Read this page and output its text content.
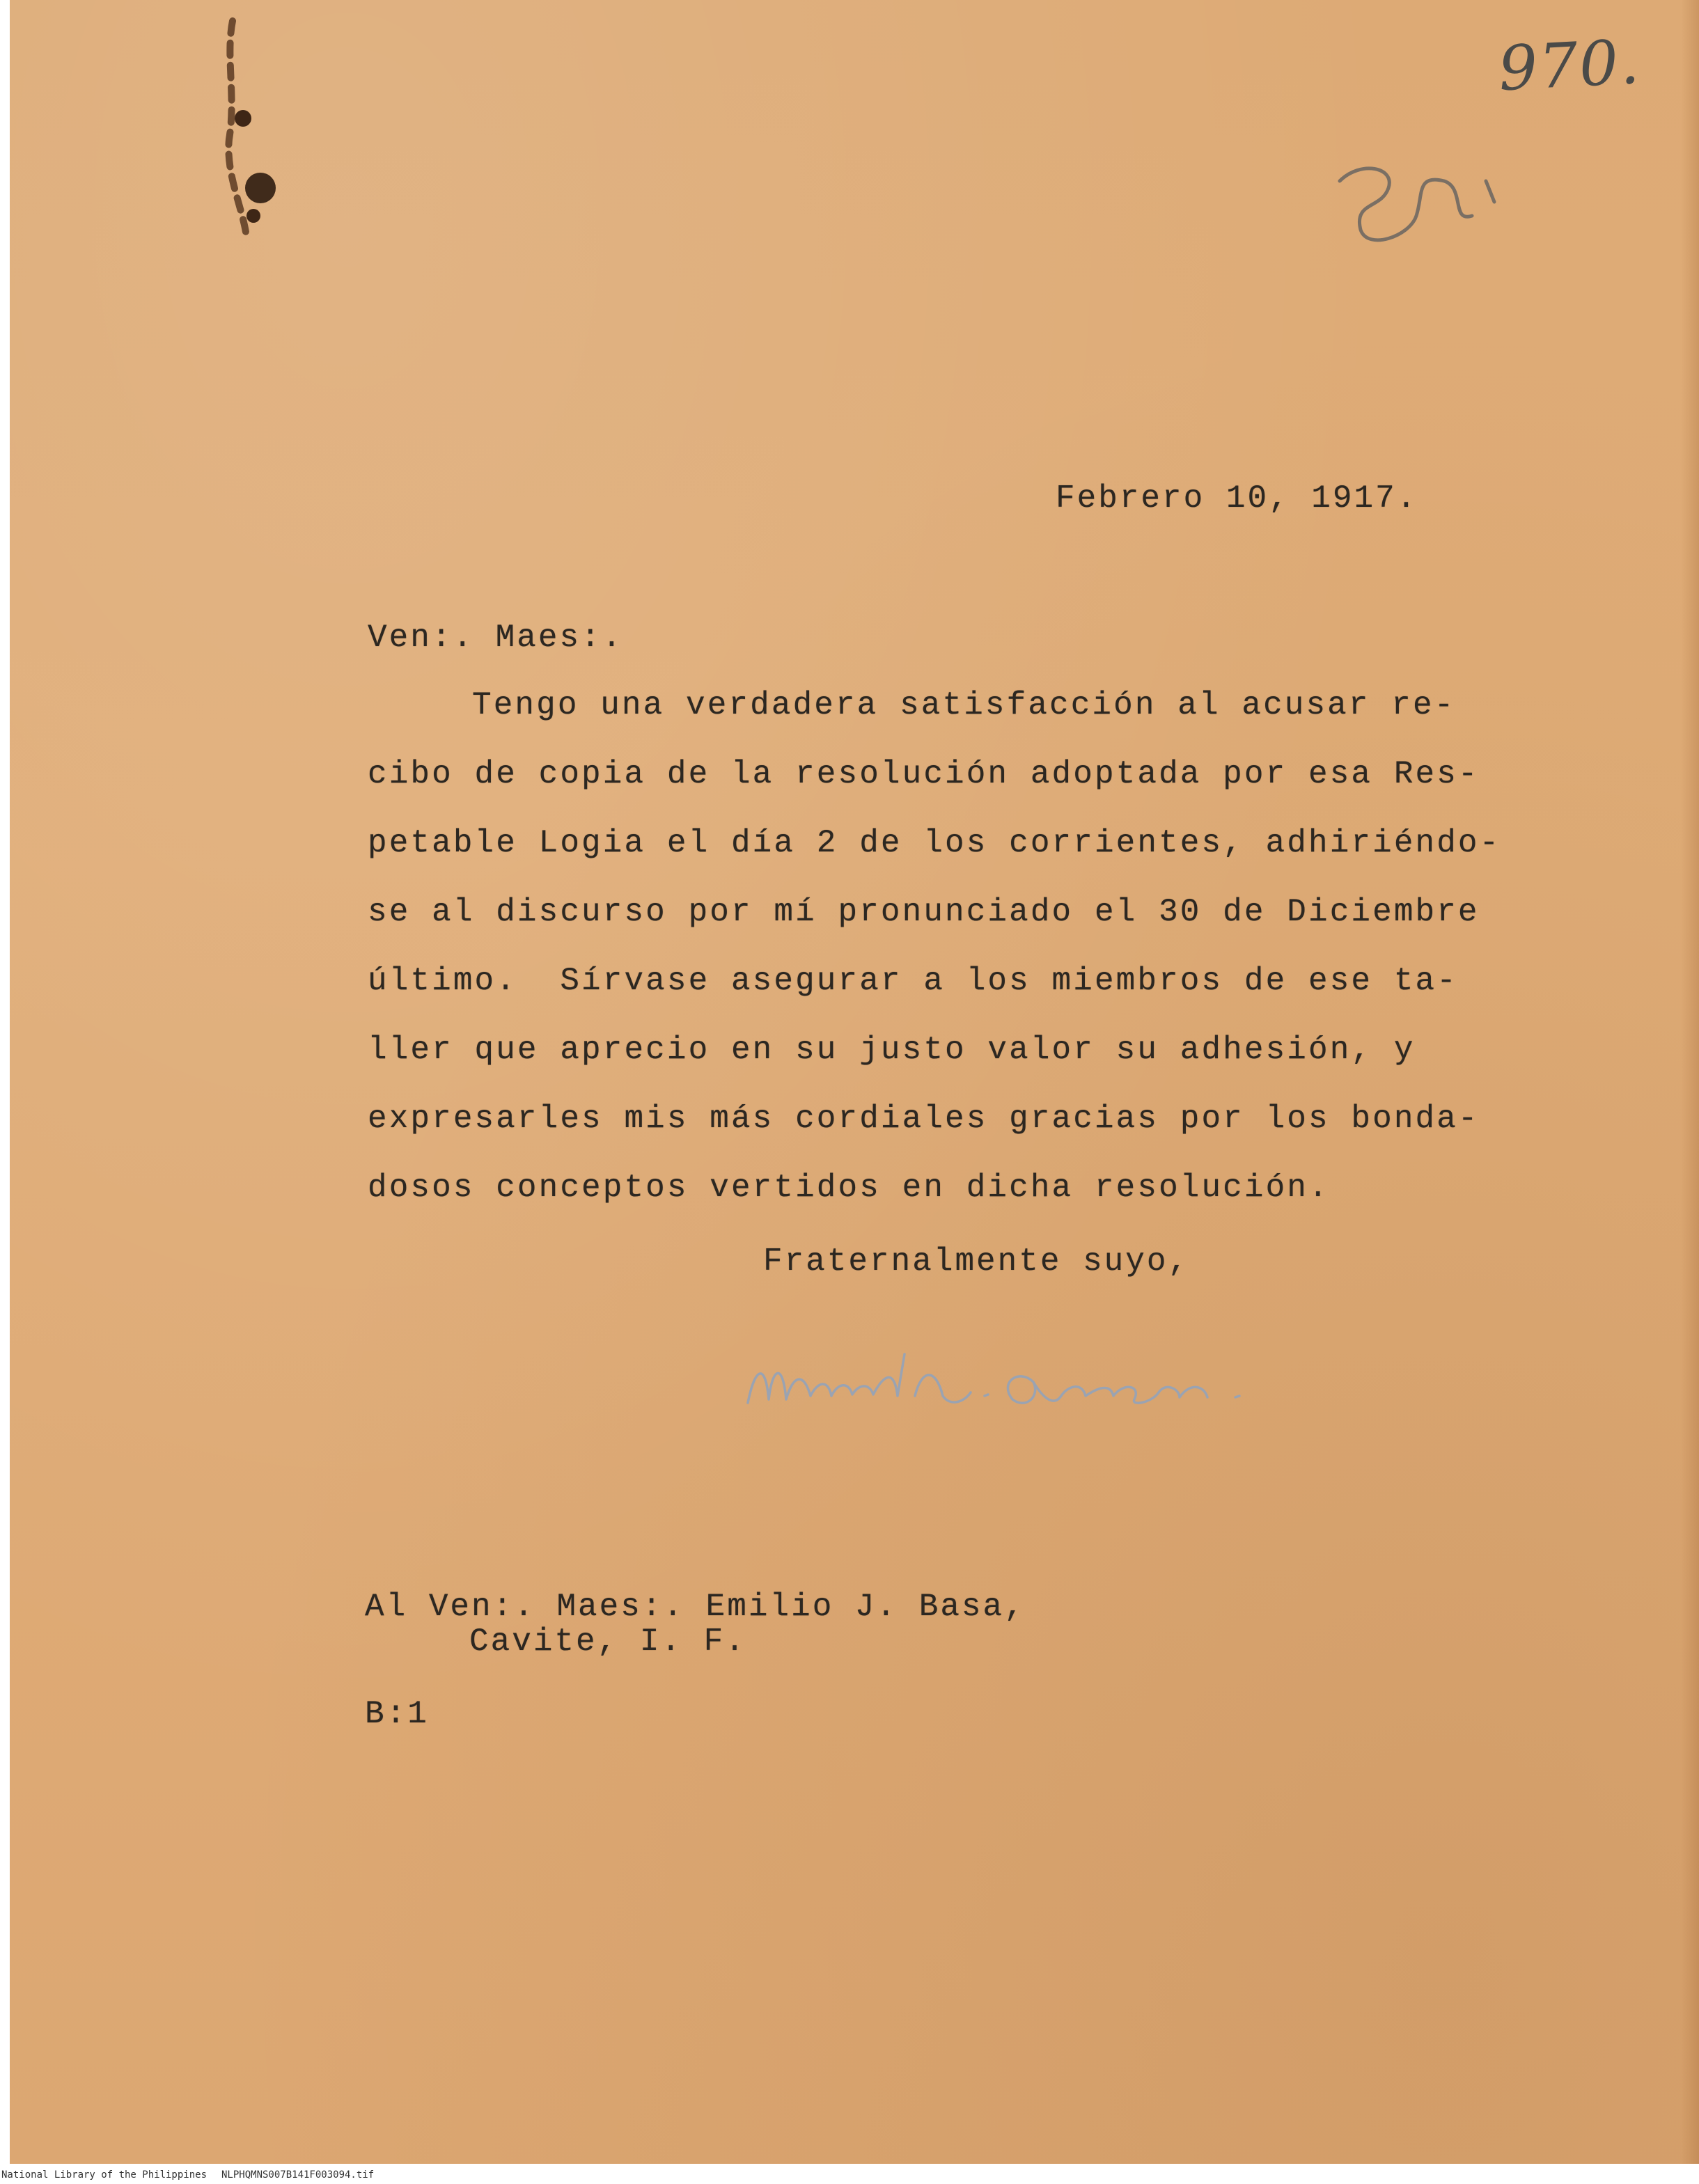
970.
Febrero 10, 1917.
Ven:. Maes:.
Tengo una verdadera satisfacción al acusar re-
cibo de copia de la resolución adoptada por esa Res-
petable Logia el día 2 de los corrientes, adhiriéndo-
se al discurso por mí pronunciado el 30 de Diciembre
último.  Sírvase asegurar a los miembros de ese ta-
ller que aprecio en su justo valor su adhesión, y
expresarles mis más cordiales gracias por los bonda-
dosos conceptos vertidos en dicha resolución.
Fraternalmente suyo,
Al Ven:. Maes:. Emilio J. Basa,
Cavite, I. F.
B:1
National Library of the Philippines NLPHQMNS007B141F003094.tif
